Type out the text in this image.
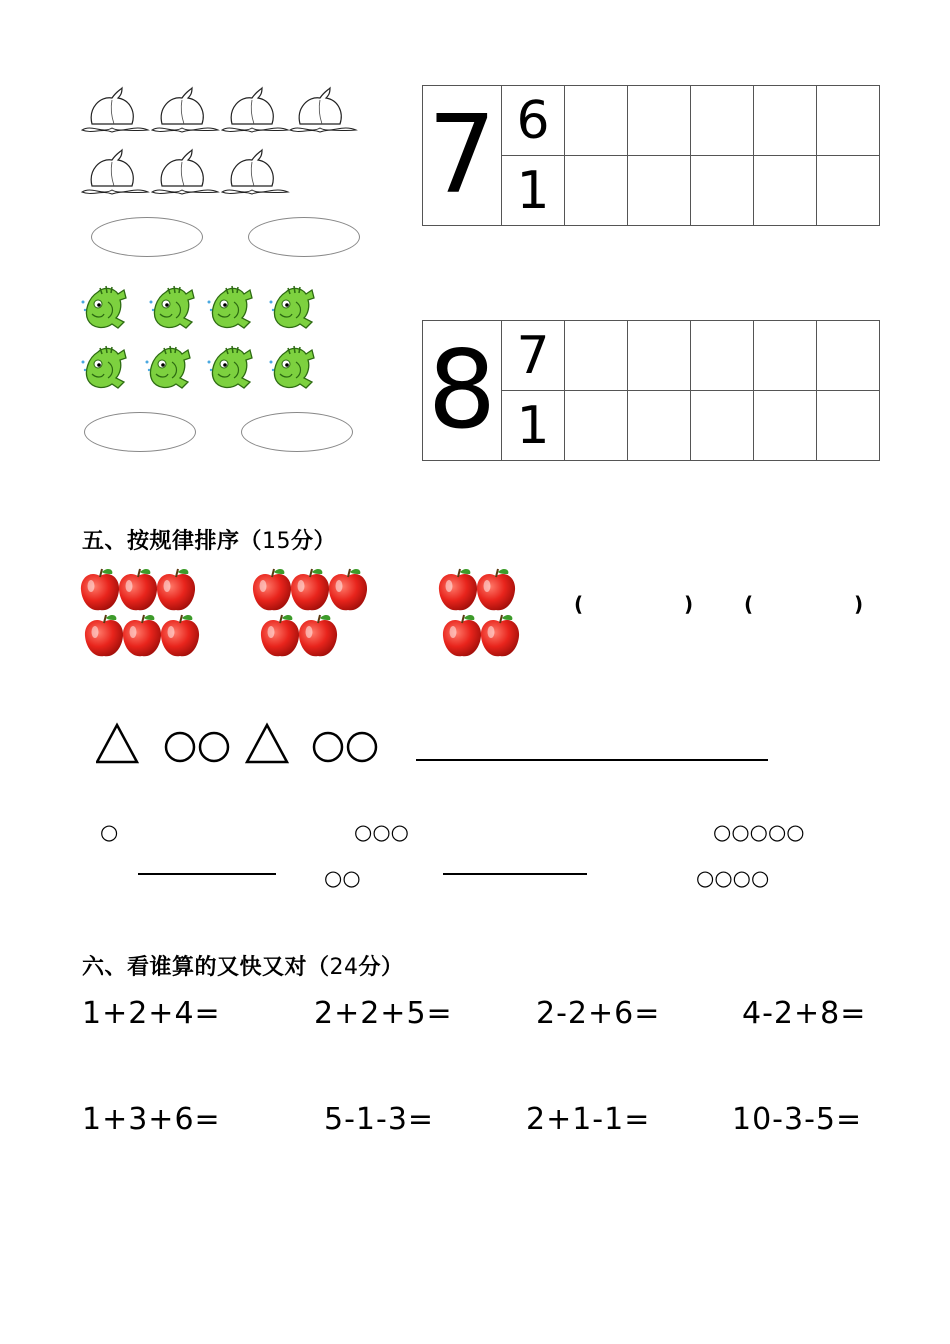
7	6					
	1					
8	7					
	1					
五、按规律排序（15分）
(	)	(	)
○	○○○
○○
○○○○○
○○○○
六、看谁算的又快又对（24分）
1+2+4=	2+2+5=	2-2+6=	4-2+8=
1+3+6=	5-1-3=	2+1-1=	10-3-5=
